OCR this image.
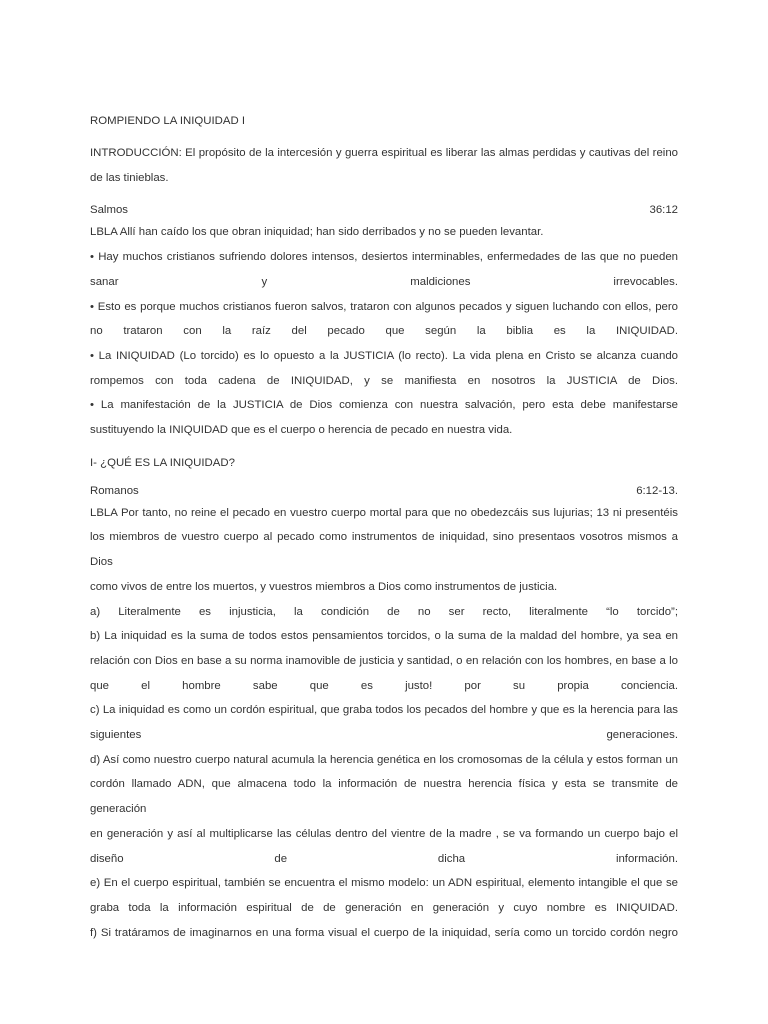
ROMPIENDO LA INIQUIDAD I

INTRODUCCIÓN: El propósito de la intercesión y guerra espiritual es liberar las almas perdidas y cautivas del reino

de las tinieblas.

Salmos	36:12

LBLA Allí han caído los que obran iniquidad; han sido derribados y no se pueden levantar.

• Hay muchos cristianos sufriendo dolores intensos, desiertos interminables, enfermedades de las que no pueden

sanar y maldiciones irrevocables.

• Esto es porque muchos cristianos fueron salvos, trataron con algunos pecados y siguen luchando con ellos, pero

no trataron con la raíz del pecado que según la biblia es la INIQUIDAD.

• La INIQUIDAD (Lo torcido) es lo opuesto a la JUSTICIA (lo recto). La vida plena en Cristo se alcanza cuando

rompemos con toda cadena de INIQUIDAD, y se manifiesta en nosotros la JUSTICIA de Dios.

• La manifestación de la JUSTICIA de Dios comienza con nuestra salvación, pero esta debe manifestarse

sustituyendo la INIQUIDAD que es el cuerpo o herencia de pecado en nuestra vida.

I- ¿QUÉ ES LA INIQUIDAD?
Romanos	6:12-13.

LBLA Por tanto, no reine el pecado en vuestro cuerpo mortal para que no obedezcáis sus lujurias; 13 ni presentéis

los miembros de vuestro cuerpo al pecado como instrumentos de iniquidad, sino presentaos vosotros mismos a Dios

como vivos de entre los muertos, y vuestros miembros a Dios como instrumentos de justicia.

a) Literalmente es injusticia, la condición de no ser recto, literalmente “lo torcido”;

b) La iniquidad es la suma de todos estos pensamientos torcidos, o la suma de la maldad del hombre, ya sea en

relación con Dios en base a su norma inamovible de justicia y santidad, o en relación con los hombres, en base a lo

que el hombre sabe que es justo! por su propia conciencia.

c) La iniquidad es como un cordón espiritual, que graba todos los pecados del hombre y que es la herencia para las

siguientes generaciones.

d) Así como nuestro cuerpo natural acumula la herencia genética en los cromosomas de la célula y estos forman un

cordón llamado ADN, que almacena todo la información de nuestra herencia física y esta se transmite de generación

en generación y así al multiplicarse las células dentro del vientre de la madre , se va formando un cuerpo bajo el

diseño de dicha información.

e) En el cuerpo espiritual, también se encuentra el mismo modelo: un ADN espiritual, elemento intangible el que se

graba toda la información espiritual de de generación en generación y cuyo nombre es INIQUIDAD.

f) Si tratáramos de imaginarnos en una forma visual el cuerpo de la iniquidad, sería como un torcido cordón negro
